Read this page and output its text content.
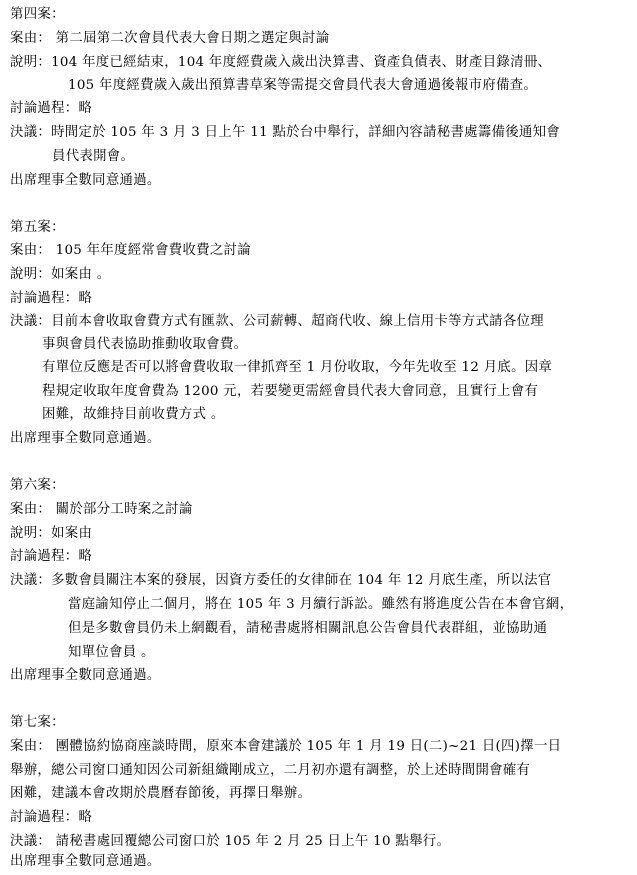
第四案：
案由： 第二屆第二次會員代表大會日期之選定與討論
說明：104 年度已經結束，104 年度經費歲入歲出決算書、資產負債表、財產目錄清冊、
105 年度經費歲入歲出預算書草案等需提交會員代表大會通過後報市府備查。
討論過程：略
決議：時間定於 105 年 3 月 3 日上午 11 點於台中舉行，詳細內容請秘書處籌備後通知會
員代表開會。
出席理事全數同意通過。
第五案：
案由： 105 年年度經常會費收費之討論
說明：如案由 。
討論過程：略
決議：目前本會收取會費方式有匯款、公司薪轉、超商代收、線上信用卡等方式請各位理
事與會員代表協助推動收取會費。
有單位反應是否可以將會費收取一律抓齊至 1 月份收取，今年先收至 12 月底。因章
程規定收取年度會費為 1200 元，若要變更需經會員代表大會同意，且實行上會有
困難，故維持目前收費方式 。
出席理事全數同意通過。
第六案：
案由： 關於部分工時案之討論
說明：如案由
討論過程：略
決議：多數會員關注本案的發展，因資方委任的女律師在 104 年 12 月底生產，所以法官
當庭諭知停止二個月，將在 105 年 3 月續行訴訟。雖然有將進度公告在本會官網，
但是多數會員仍未上網觀看，請秘書處將相關訊息公告會員代表群組，並協助通
知單位會員 。
出席理事全數同意通過。
第七案：
案由： 團體協約協商座談時間，原來本會建議於 105 年 1 月 19 日(二)~21 日(四)擇一日
舉辦，總公司窗口通知因公司新組織剛成立，二月初亦還有調整，於上述時間開會確有
困難，建議本會改期於農曆春節後，再擇日舉辦。
討論過程：略
決議： 請秘書處回覆總公司窗口於 105 年 2 月 25 日上午 10 點舉行。
出席理事全數同意通過。
